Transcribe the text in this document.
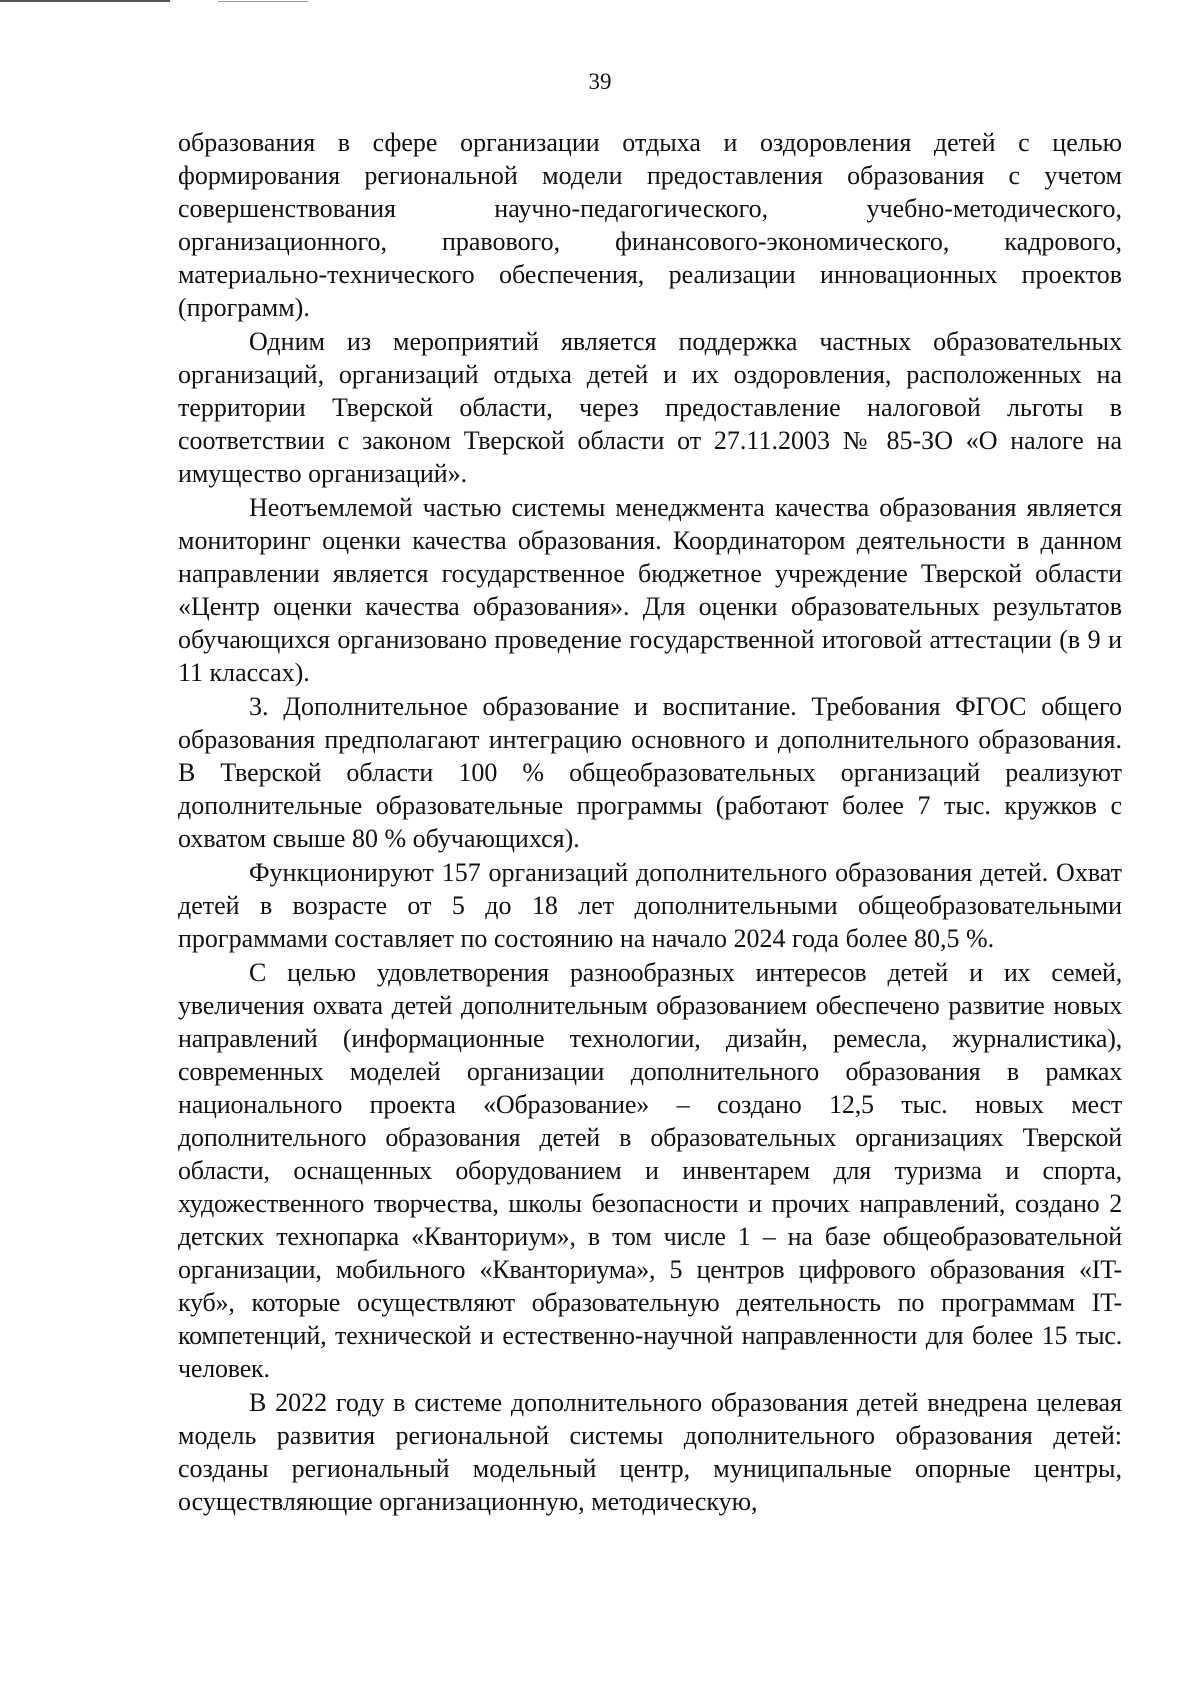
39

образования в сфере организации отдыха и оздоровления детей с целью формирования региональной модели предоставления образования с учетом совершенствования научно-педагогического, учебно-методического, организационного, правового, финансового-экономического, кадрового, материально-технического обеспечения, реализации инновационных проектов (программ).

Одним из мероприятий является поддержка частных образовательных организаций, организаций отдыха детей и их оздоровления, расположенных на территории Тверской области, через предоставление налоговой льготы в соответствии с законом Тверской области от 27.11.2003 № 85-ЗО «О налоге на имущество организаций».

Неотъемлемой частью системы менеджмента качества образования является мониторинг оценки качества образования. Координатором деятельности в данном направлении является государственное бюджетное учреждение Тверской области «Центр оценки качества образования». Для оценки образовательных результатов обучающихся организовано проведение государственной итоговой аттестации (в 9 и 11 классах).

3. Дополнительное образование и воспитание. Требования ФГОС общего образования предполагают интеграцию основного и дополнительного образования. В Тверской области 100 % общеобразовательных организаций реализуют дополнительные образовательные программы (работают более 7 тыс. кружков с охватом свыше 80 % обучающихся).

Функционируют 157 организаций дополнительного образования детей. Охват детей в возрасте от 5 до 18 лет дополнительными общеобразовательными программами составляет по состоянию на начало 2024 года более 80,5 %.

С целью удовлетворения разнообразных интересов детей и их семей, увеличения охвата детей дополнительным образованием обеспечено развитие новых направлений (информационные технологии, дизайн, ремесла, журналистика), современных моделей организации дополнительного образования в рамках национального проекта «Образование» – создано 12,5 тыс. новых мест дополнительного образования детей в образовательных организациях Тверской области, оснащенных оборудованием и инвентарем для туризма и спорта, художественного творчества, школы безопасности и прочих направлений, создано 2 детских технопарка «Кванториум», в том числе 1 – на базе общеобразовательной организации, мобильного «Кванториума», 5 центров цифрового образования «IT-куб», которые осуществляют образовательную деятельность по программам IT-компетенций, технической и естественно-научной направленности для более 15 тыс. человек.

В 2022 году в системе дополнительного образования детей внедрена целевая модель развития региональной системы дополнительного образования детей: созданы региональный модельный центр, муниципальные опорные центры, осуществляющие организационную, методическую,
